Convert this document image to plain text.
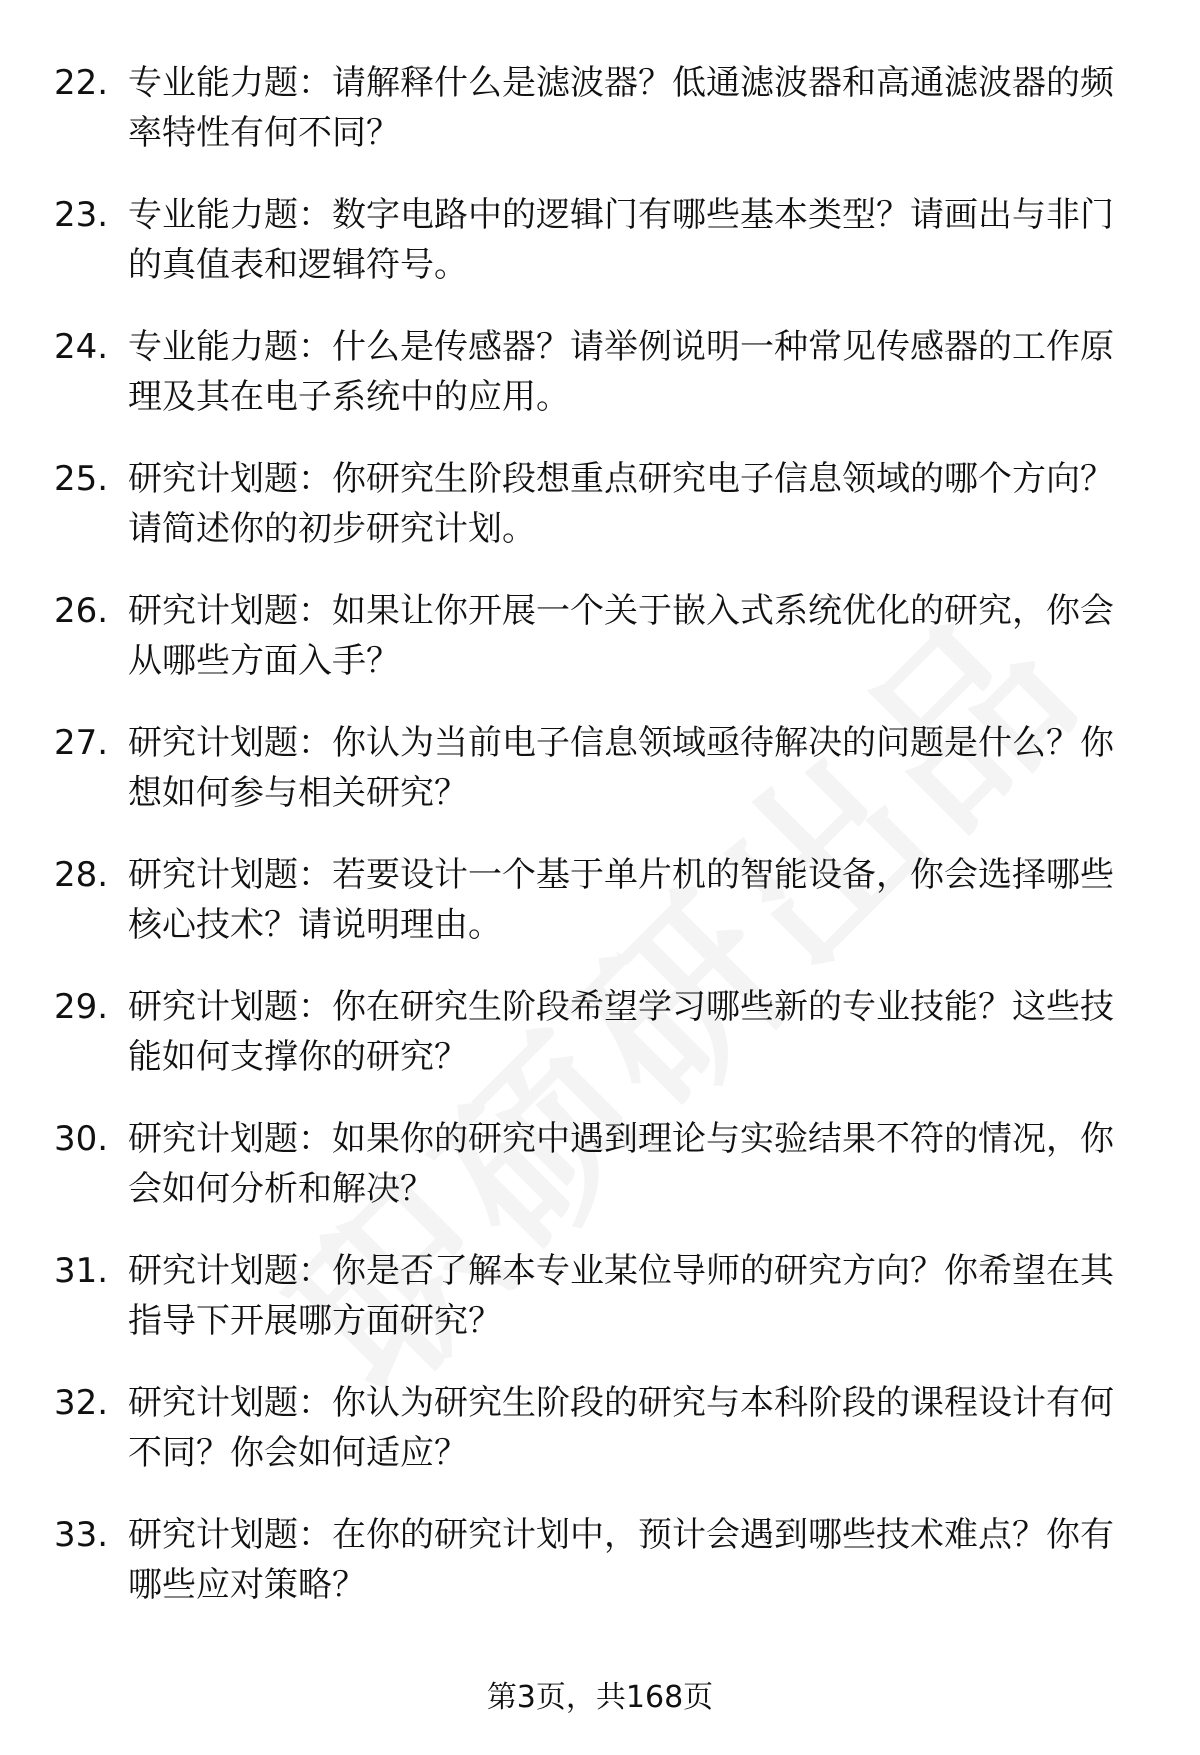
22. 专业能力题：请解释什么是滤波器？低通滤波器和高通滤波器的频率特性有何不同？
23. 专业能力题：数字电路中的逻辑门有哪些基本类型？请画出与非门的真值表和逻辑符号。
24. 专业能力题：什么是传感器？请举例说明一种常见传感器的工作原理及其在电子系统中的应用。
25. 研究计划题：你研究生阶段想重点研究电子信息领域的哪个方向？请简述你的初步研究计划。
26. 研究计划题：如果让你开展一个关于嵌入式系统优化的研究，你会从哪些方面入手？
27. 研究计划题：你认为当前电子信息领域亟待解决的问题是什么？你想如何参与相关研究？
28. 研究计划题：若要设计一个基于单片机的智能设备，你会选择哪些核心技术？请说明理由。
29. 研究计划题：你在研究生阶段希望学习哪些新的专业技能？这些技能如何支撑你的研究？
30. 研究计划题：如果你的研究中遇到理论与实验结果不符的情况，你会如何分析和解决？
31. 研究计划题：你是否了解本专业某位导师的研究方向？你希望在其指导下开展哪方面研究？
32. 研究计划题：你认为研究生阶段的研究与本科阶段的课程设计有何不同？你会如何适应？
33. 研究计划题：在你的研究计划中，预计会遇到哪些技术难点？你有哪些应对策略？
第3页，共168页
